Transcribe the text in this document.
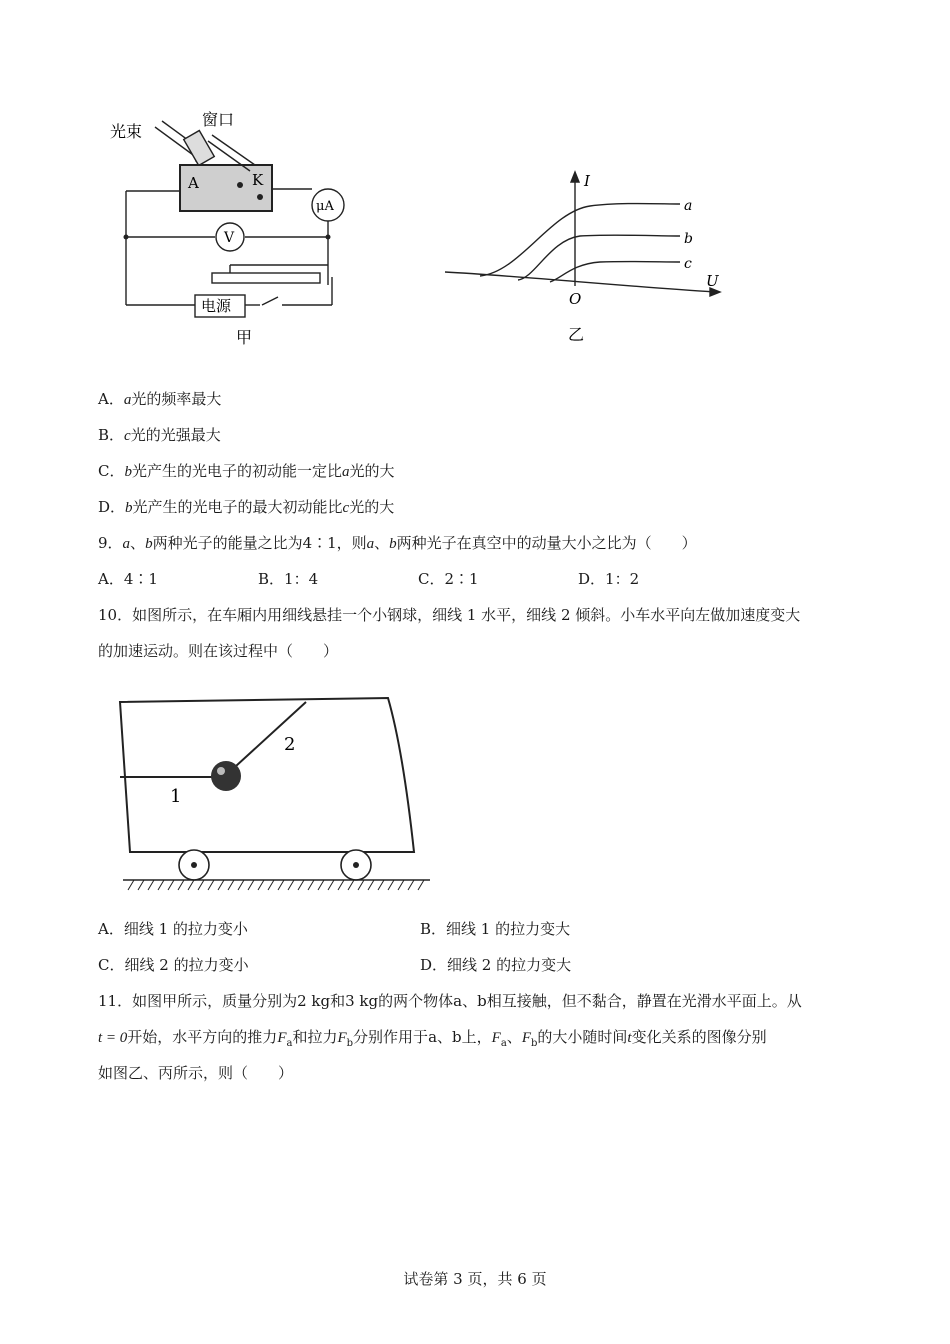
光束
窗口
A	K
μA
V
电源
甲
I
U
O
a
b
c
乙
A．a光的频率最大
B．c光的光强最大
C．b光产生的光电子的初动能一定比a光的大
D．b光产生的光电子的最大初动能比c光的大
9．a、b两种光子的能量之比为4∶1，则a、b两种光子在真空中的动量大小之比为（　　）
A．4∶1	B．1：4	C．2∶1	D．1：2
10．如图所示，在车厢内用细线悬挂一个小钢球，细线 1 水平，细线 2 倾斜。小车水平向左做加速度变大
的加速运动。则在该过程中（　　）
1
2
A．细线 1 的拉力变小	B．细线 1 的拉力变大
C．细线 2 的拉力变小	D．细线 2 的拉力变大
11．如图甲所示，质量分别为2 kg和3 kg的两个物体a、b相互接触，但不黏合，静置在光滑水平面上。从
t = 0开始，水平方向的推力$F_a$和拉力$F_b$分别作用于a、b上，$F_a$、$F_b$的大小随时间t变化关系的图像分别
如图乙、丙所示，则（　　）
试卷第 3 页，共 6 页
